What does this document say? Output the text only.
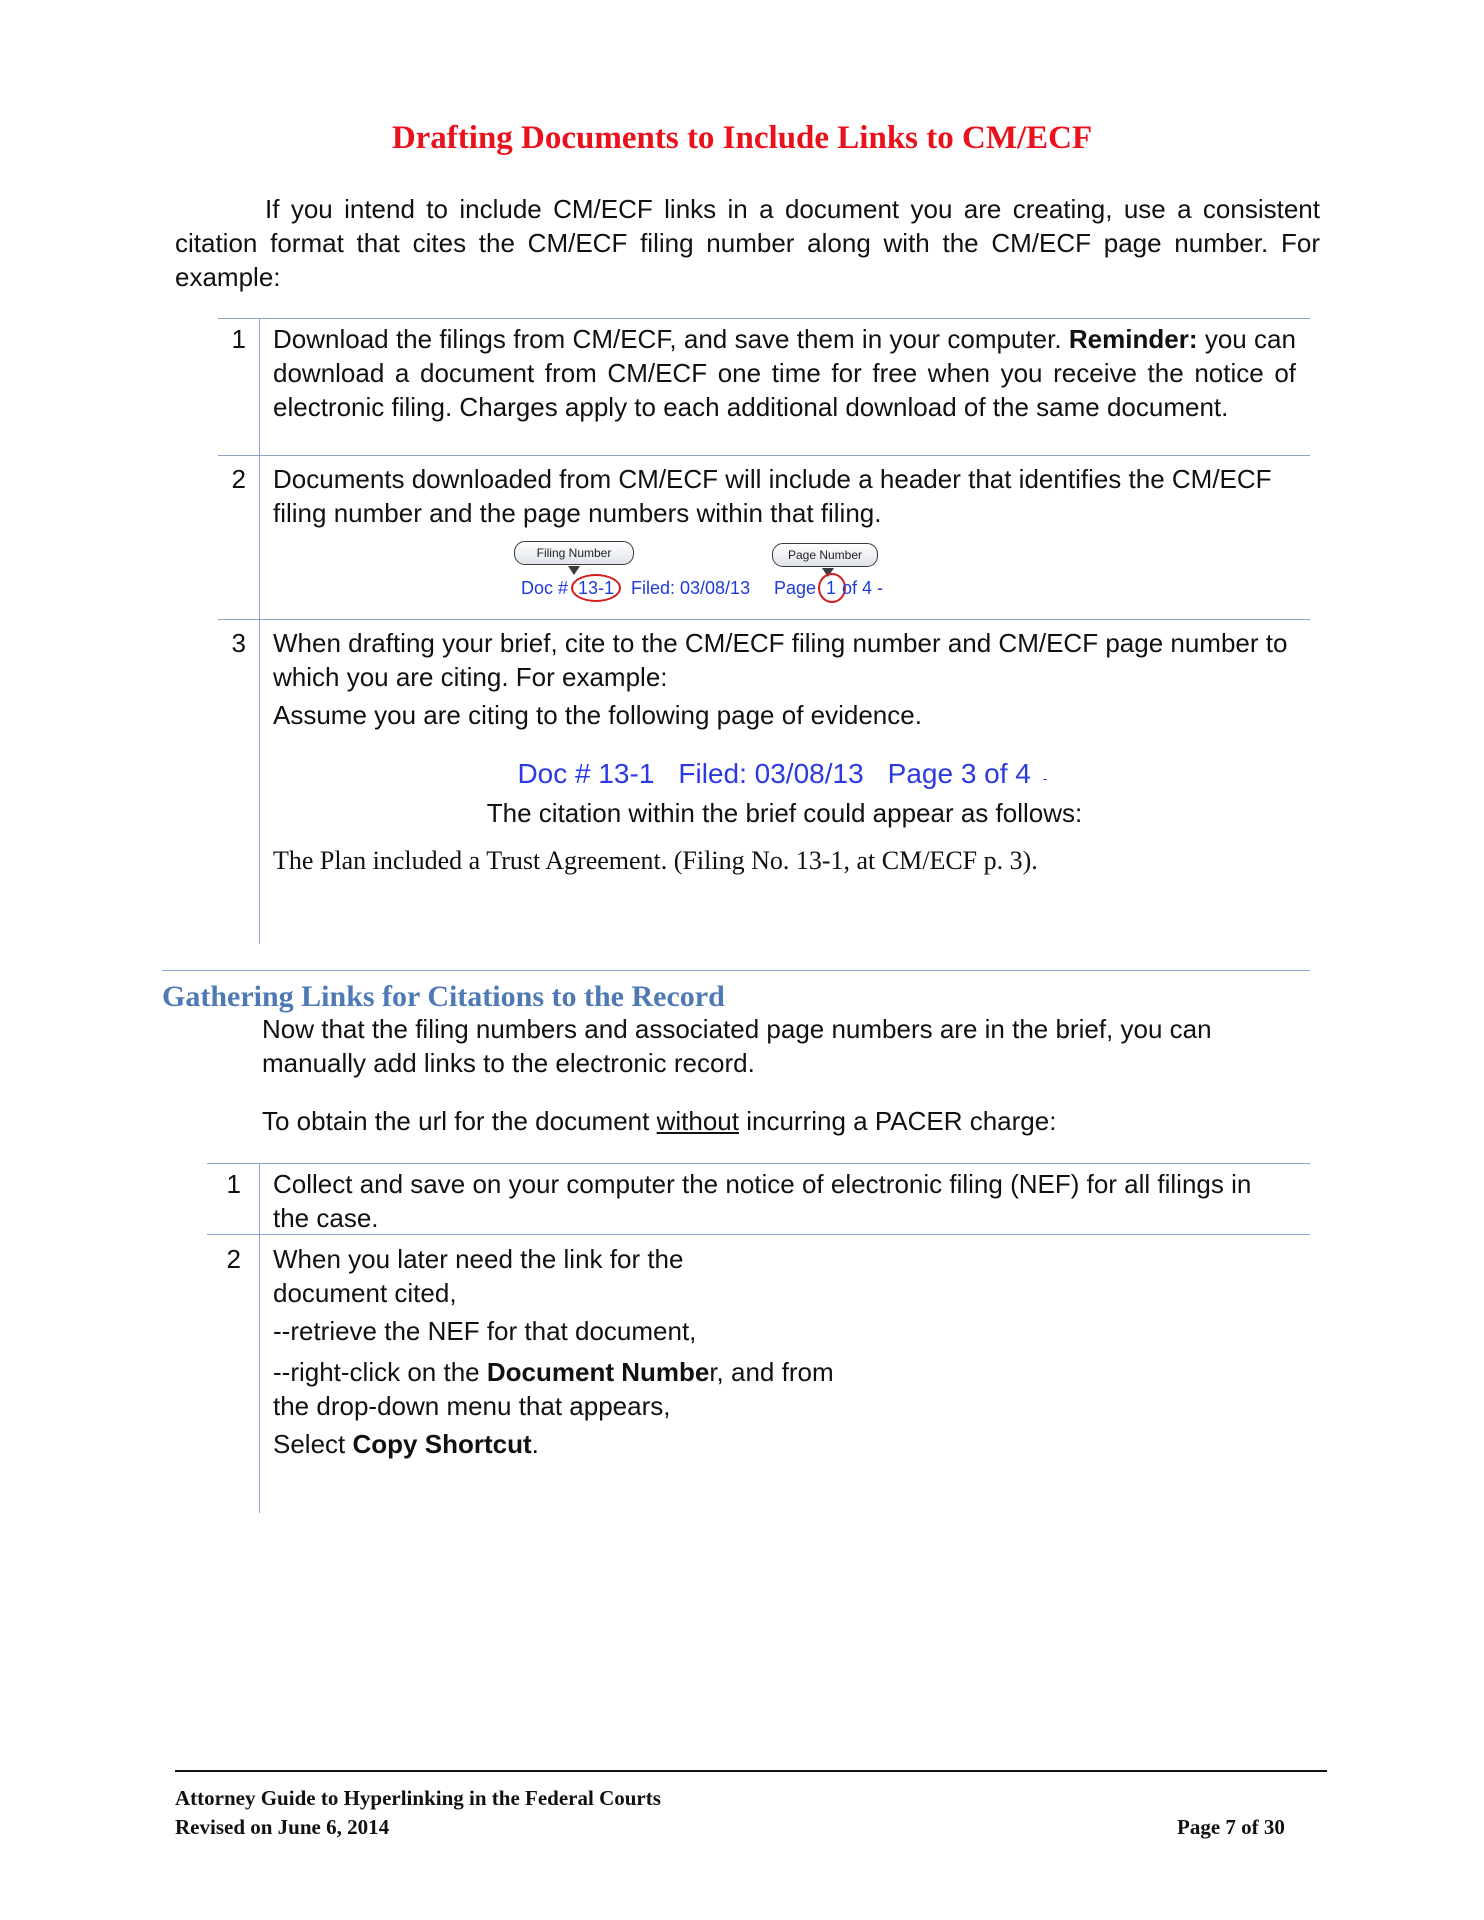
Drafting Documents to Include Links to CM/ECF
If you intend to include CM/ECF links in a document you are creating, use a consistent citation format that cites the CM/ECF filing number along with the CM/ECF page number. For example:
1 Download the filings from CM/ECF, and save them in your computer. Reminder: you can download a document from CM/ECF one time for free when you receive the notice of electronic filing. Charges apply to each additional download of the same document.
2 Documents downloaded from CM/ECF will include a header that identifies the CM/ECF filing number and the page numbers within that filing.
Filing Number	Page Number
Doc # 13-1 Filed: 03/08/13 Page 1 of 4 -
3 When drafting your brief, cite to the CM/ECF filing number and CM/ECF page number to which you are citing. For example:
Assume you are citing to the following page of evidence.
Doc # 13-1 Filed: 03/08/13 Page 3 of 4 -
The citation within the brief could appear as follows:
The Plan included a Trust Agreement. (Filing No. 13-1, at CM/ECF p. 3).
Gathering Links for Citations to the Record
Now that the filing numbers and associated page numbers are in the brief, you can manually add links to the electronic record.
To obtain the url for the document without incurring a PACER charge:
1 Collect and save on your computer the notice of electronic filing (NEF) for all filings in the case.
2 When you later need the link for the document cited,
--retrieve the NEF for that document,
--right-click on the Document Number, and from the drop-down menu that appears,
Select Copy Shortcut.
Attorney Guide to Hyperlinking in the Federal Courts
Revised on June 6, 2014	Page 7 of 30
